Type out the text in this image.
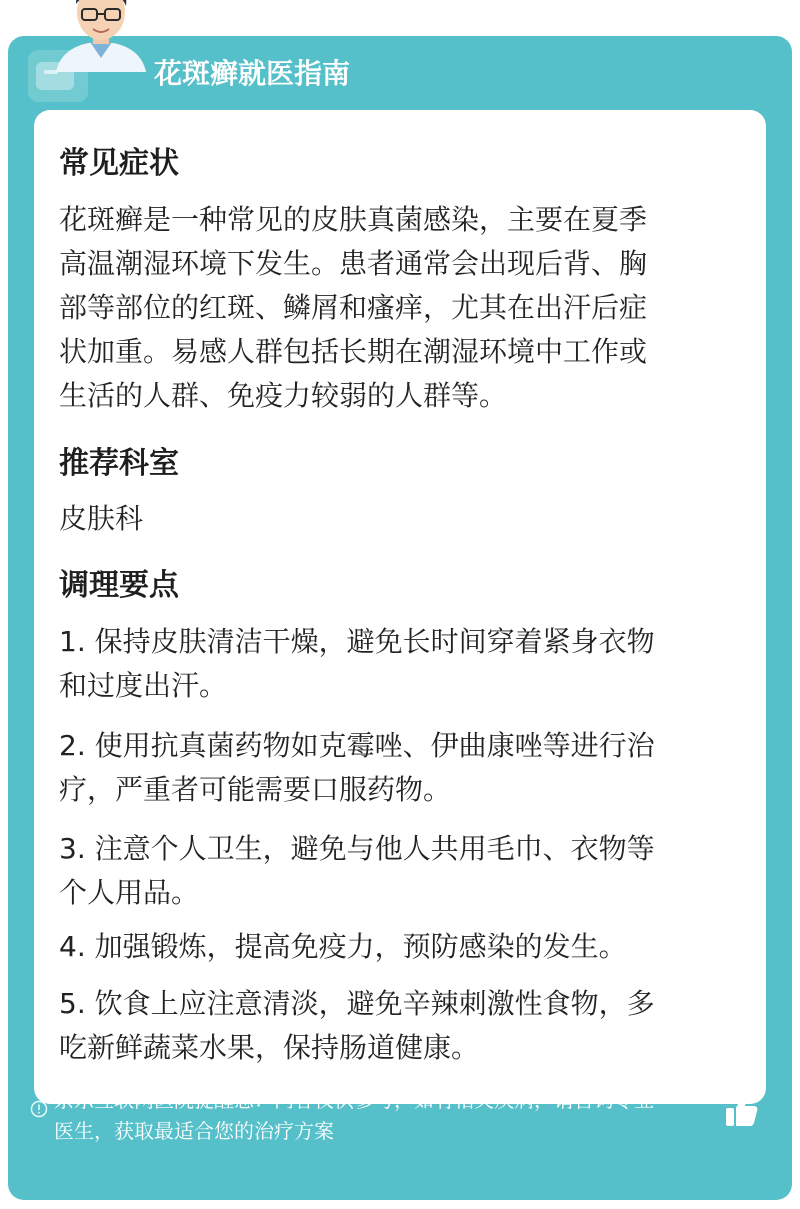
花斑癣就医指南
常见症状
花斑癣是一种常见的皮肤真菌感染，主要在夏季
高温潮湿环境下发生。患者通常会出现后背、胸
部等部位的红斑、鳞屑和瘙痒，尤其在出汗后症
状加重。易感人群包括长期在潮湿环境中工作或
生活的人群、免疫力较弱的人群等。
推荐科室
皮肤科
调理要点
1. 保持皮肤清洁干燥，避免长时间穿着紧身衣物
和过度出汗。
2. 使用抗真菌药物如克霉唑、伊曲康唑等进行治
疗，严重者可能需要口服药物。
3. 注意个人卫生，避免与他人共用毛巾、衣物等
个人用品。
4. 加强锻炼，提高免疫力，预防感染的发生。
5. 饮食上应注意清淡，避免辛辣刺激性食物，多
吃新鲜蔬菜水果，保持肠道健康。
京东互联网医院提醒您：内容仅供参考，如有相关疾病，请咨询专业
医生，获取最适合您的治疗方案
